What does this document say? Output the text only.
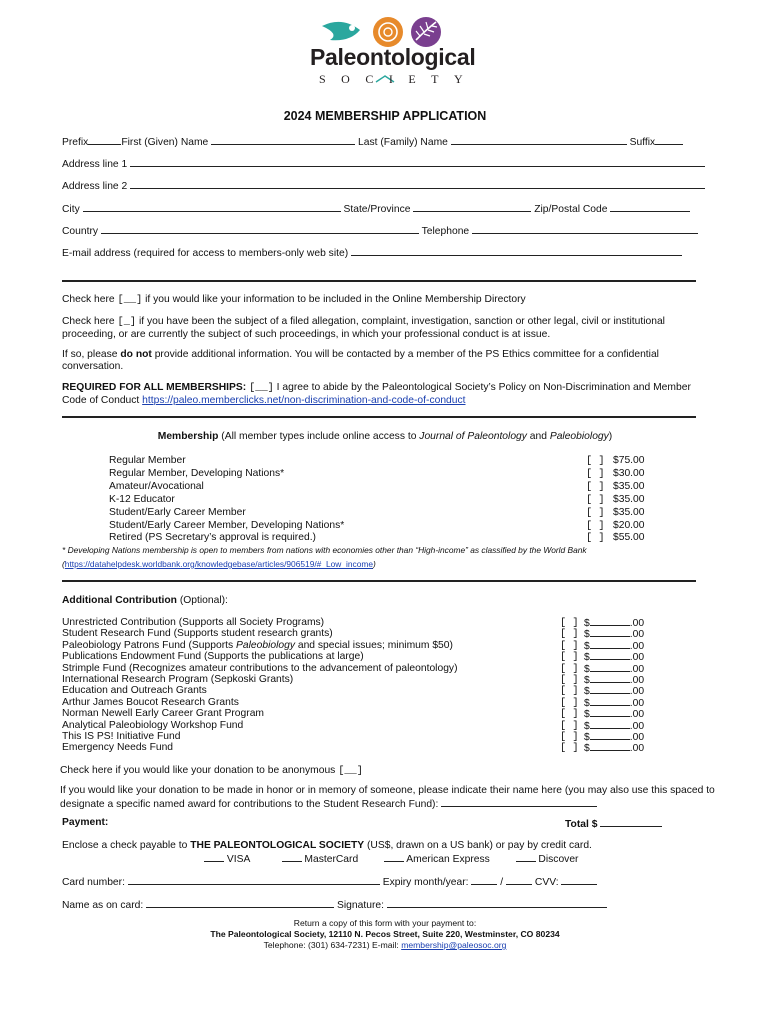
Paleontological
SOCIETY
2024 MEMBERSHIP APPLICATION
Prefix	First (Given) Name	Last (Family) Name	Suffix
Address line 1
Address line 2
City	State/Province	Zip/Postal Code
Country	Telephone
E-mail address (required for access to members-only web site)
Check here [__] if you would like your information to be included in the Online Membership Directory
Check here [_] if you have been the subject of a filed allegation, complaint, investigation, sanction or other legal, civil or institutional proceeding, or are currently the subject of such proceedings, in which your professional conduct is at issue.
If so, please do not provide additional information. You will be contacted by a member of the PS Ethics committee for a confidential conversation.
REQUIRED FOR ALL MEMBERSHIPS: [__] I agree to abide by the Paleontological Society’s Policy on Non-Discrimination and Member Code of Conduct https://paleo.memberclicks.net/non-discrimination-and-code-of-conduct
Membership (All member types include online access to Journal of Paleontology and Paleobiology)
Regular Member	[ ] $75.00
Regular Member, Developing Nations*	[ ] $30.00
Amateur/Avocational	[ ] $35.00
K-12 Educator	[ ] $35.00
Student/Early Career Member	[ ] $35.00
Student/Early Career Member, Developing Nations*	[ ] $20.00
Retired (PS Secretary’s approval is required.)	[ ] $55.00
* Developing Nations membership is open to members from nations with economies other than “High-income” as classified by the World Bank
(https://datahelpdesk.worldbank.org/knowledgebase/articles/906519/#_Low_income)
Additional Contribution (Optional):
Unrestricted Contribution (Supports all Society Programs)	[ ] $	.00
Student Research Fund (Supports student research grants)	[ ] $	.00
Paleobiology Patrons Fund (Supports Paleobiology and special issues; minimum $50)	[ ] $	.00
Publications Endowment Fund (Supports the publications at large)	[ ] $	.00
Strimple Fund (Recognizes amateur contributions to the advancement of paleontology)	[ ] $	.00
International Research Program (Sepkoski Grants)	[ ] $	.00
Education and Outreach Grants	[ ] $	.00
Arthur James Boucot Research Grants	[ ] $	.00
Norman Newell Early Career Grant Program	[ ] $	.00
Analytical Paleobiology Workshop Fund	[ ] $	.00
This IS PS! Initiative Fund	[ ] $	.00
Emergency Needs Fund	[ ] $	.00
Check here if you would like your donation to be anonymous [__]
If you would like your donation to be made in honor or in memory of someone, please indicate their name here (you may also use this spaced to designate a specific named award for contributions to the Student Research Fund):
Payment:	Total $
Enclose a check payable to THE PALEONTOLOGICAL SOCIETY (US$, drawn on a US bank) or pay by credit card.
VISA	MasterCard	American Express	Discover
Card number:	Expiry month/year:	/	CVV:
Name as on card:	Signature:
Return a copy of this form with your payment to:
The Paleontological Society, 12110 N. Pecos Street, Suite 220, Westminster, CO 80234
Telephone: (301) 634-7231) E-mail: membership@paleosoc.org
